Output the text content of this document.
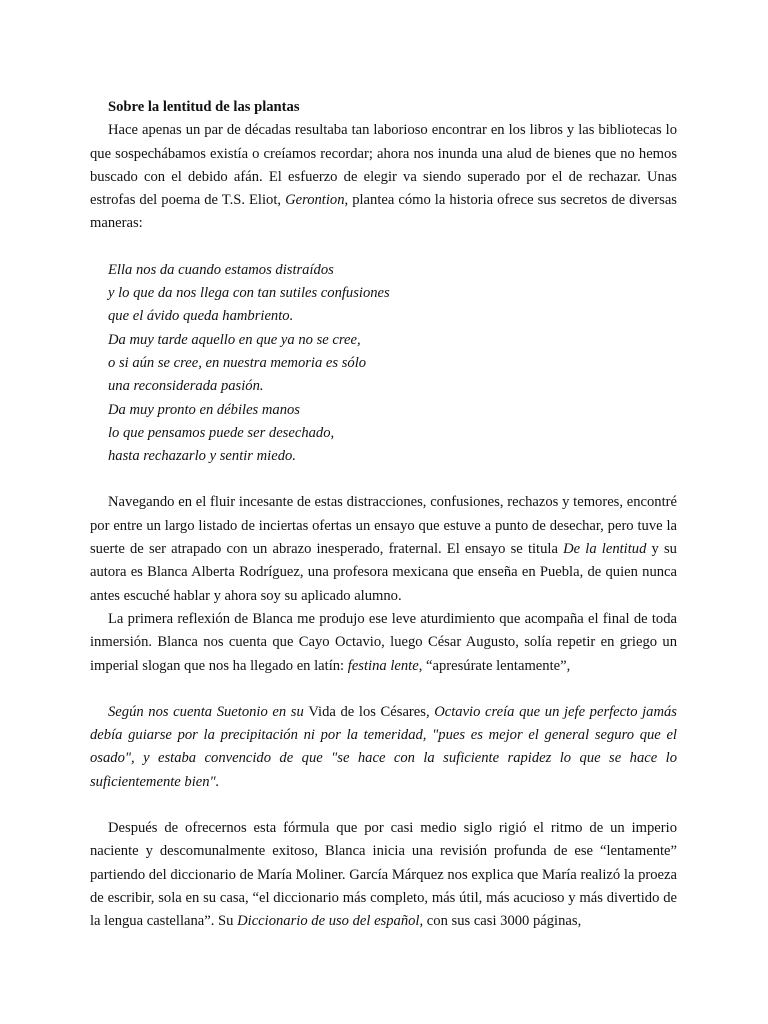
Sobre la lentitud de las plantas

Hace apenas un par de décadas resultaba tan laborioso encontrar en los libros y las bibliotecas lo que sospechábamos existía o creíamos recordar; ahora nos inunda una alud de bienes que no hemos buscado con el debido afán. El esfuerzo de elegir va siendo superado por el de rechazar. Unas estrofas del poema de T.S. Eliot, Gerontion, plantea cómo la historia ofrece sus secretos de diversas maneras:

Ella nos da cuando estamos distraídos
y lo que da nos llega con tan sutiles confusiones
que el ávido queda hambriento.
Da muy tarde aquello en que ya no se cree,
o si aún se cree, en nuestra memoria es sólo
una reconsiderada pasión.
Da muy pronto en débiles manos
lo que pensamos puede ser desechado,
hasta rechazarlo y sentir miedo.

Navegando en el fluir incesante de estas distracciones, confusiones, rechazos y temores, encontré por entre un largo listado de inciertas ofertas un ensayo que estuve a punto de desechar, pero tuve la suerte de ser atrapado con un abrazo inesperado, fraternal. El ensayo se titula De la lentitud y su autora es Blanca Alberta Rodríguez, una profesora mexicana que enseña en Puebla, de quien nunca antes escuché hablar y ahora soy su aplicado alumno.

La primera reflexión de Blanca me produjo ese leve aturdimiento que acompaña el final de toda inmersión. Blanca nos cuenta que Cayo Octavio, luego César Augusto, solía repetir en griego un imperial slogan que nos ha llegado en latín: festina lente, “apresúrate lentamente”,

Según nos cuenta Suetonio en su Vida de los Césares, Octavio creía que un jefe perfecto jamás debía guiarse por la precipitación ni por la temeridad, "pues es mejor el general seguro que el osado", y estaba convencido de que "se hace con la suficiente rapidez lo que se hace lo suficientemente bien".

Después de ofrecernos esta fórmula que por casi medio siglo rigió el ritmo de un imperio naciente y descomunalmente exitoso, Blanca inicia una revisión profunda de ese “lentamente” partiendo del diccionario de María Moliner. García Márquez nos explica que María realizó la proeza de escribir, sola en su casa, “el diccionario más completo, más útil, más acucioso y más divertido de la lengua castellana”. Su Diccionario de uso del español, con sus casi 3000 páginas,
